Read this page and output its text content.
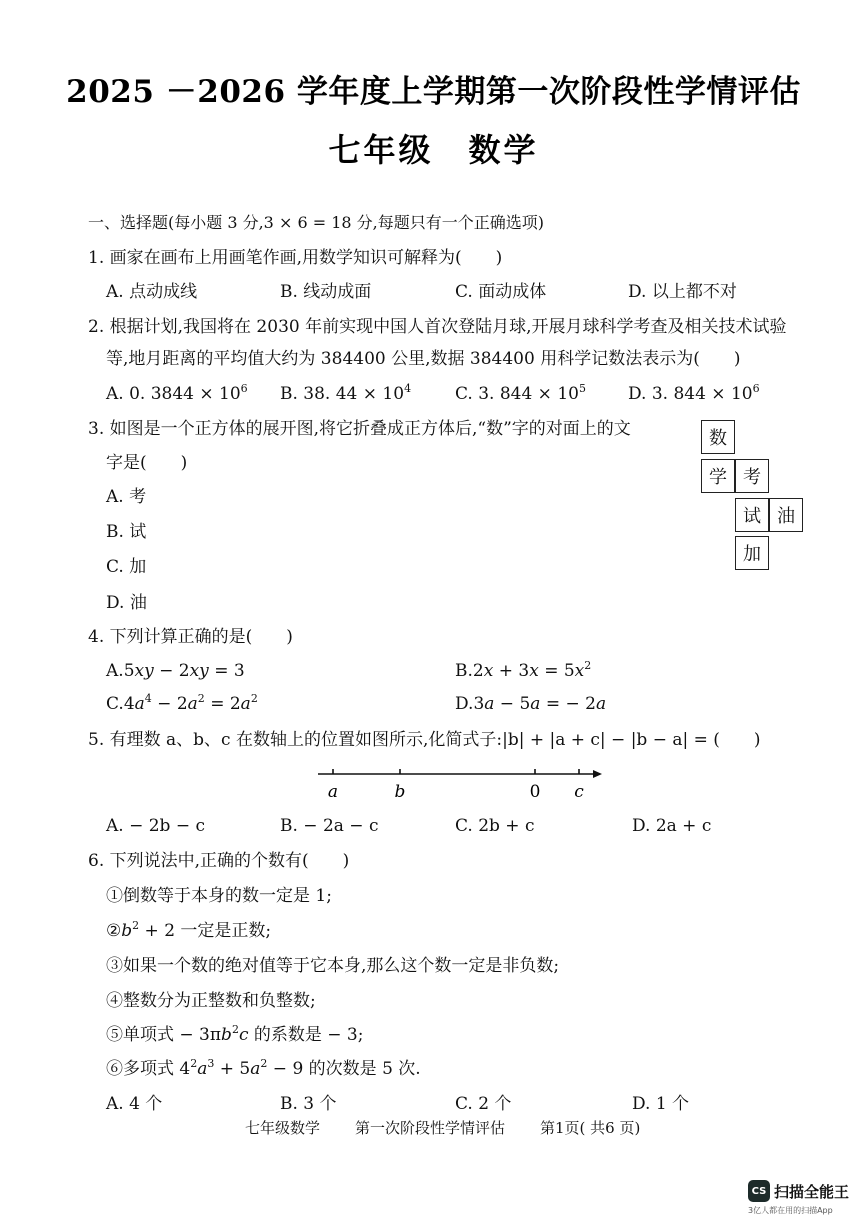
2025 －2026 学年度上学期第一次阶段性学情评估
七年级　数学
一、选择题(每小题 3 分,3 × 6 = 18 分,每题只有一个正确选项)
1. 画家在画布上用画笔作画,用数学知识可解释为(　　)
A. 点动成线	B. 线动成面	C. 面动成体	D. 以上都不对
2. 根据计划,我国将在 2030 年前实现中国人首次登陆月球,开展月球科学考查及相关技术试验
等,地月距离的平均值大约为 384400 公里,数据 384400 用科学记数法表示为(　　)
A. 0. $3844 \times 10^6$ B. 38. $44 \times 10^4$	C. 3. $844 \times 10^5$ D. 3. $844 \times 10^6$
3. 如图是一个正方体的展开图,将它折叠成正方体后,“数”字的对面上的文
字是(　　)
A. 考
B. 试
C. 加
D. 油
数
学 考
试 油
加
4. 下列计算正确的是(　　)
A.5xy − 2xy = 3	$B.2x + 3x = 5x^2$
$C.4a^4 - 2a^2 = 2a^2$	D.3a − 5a = − 2a
5. 有理数 a、b、c 在数轴上的位置如图所示,化简式子:|b| + |a + c| − |b − a| = (　　)
a	b	0 c
A. − 2b − c	B. − 2a − c	C. 2b + c	D. 2a + c
6. 下列说法中,正确的个数有(　　)
①倒数等于本身的数一定是 1;
$②b^2 + 2$ 一定是正数;
③如果一个数的绝对值等于它本身,那么这个数一定是非负数;
④整数分为正整数和负整数;
⑤单项式 − $3\pi b^2c$ 的系数是 − 3;
⑥多项式 $4^2a^3 + 5a^2 - 9$ 的次数是 5 次.
A. 4 个	B. 3 个	C. 2 个	D. 1 个
七年级数学 第一次阶段性学情评估 第1页( 共6 页)
CS 扫描全能王
3亿人都在用的扫描App
